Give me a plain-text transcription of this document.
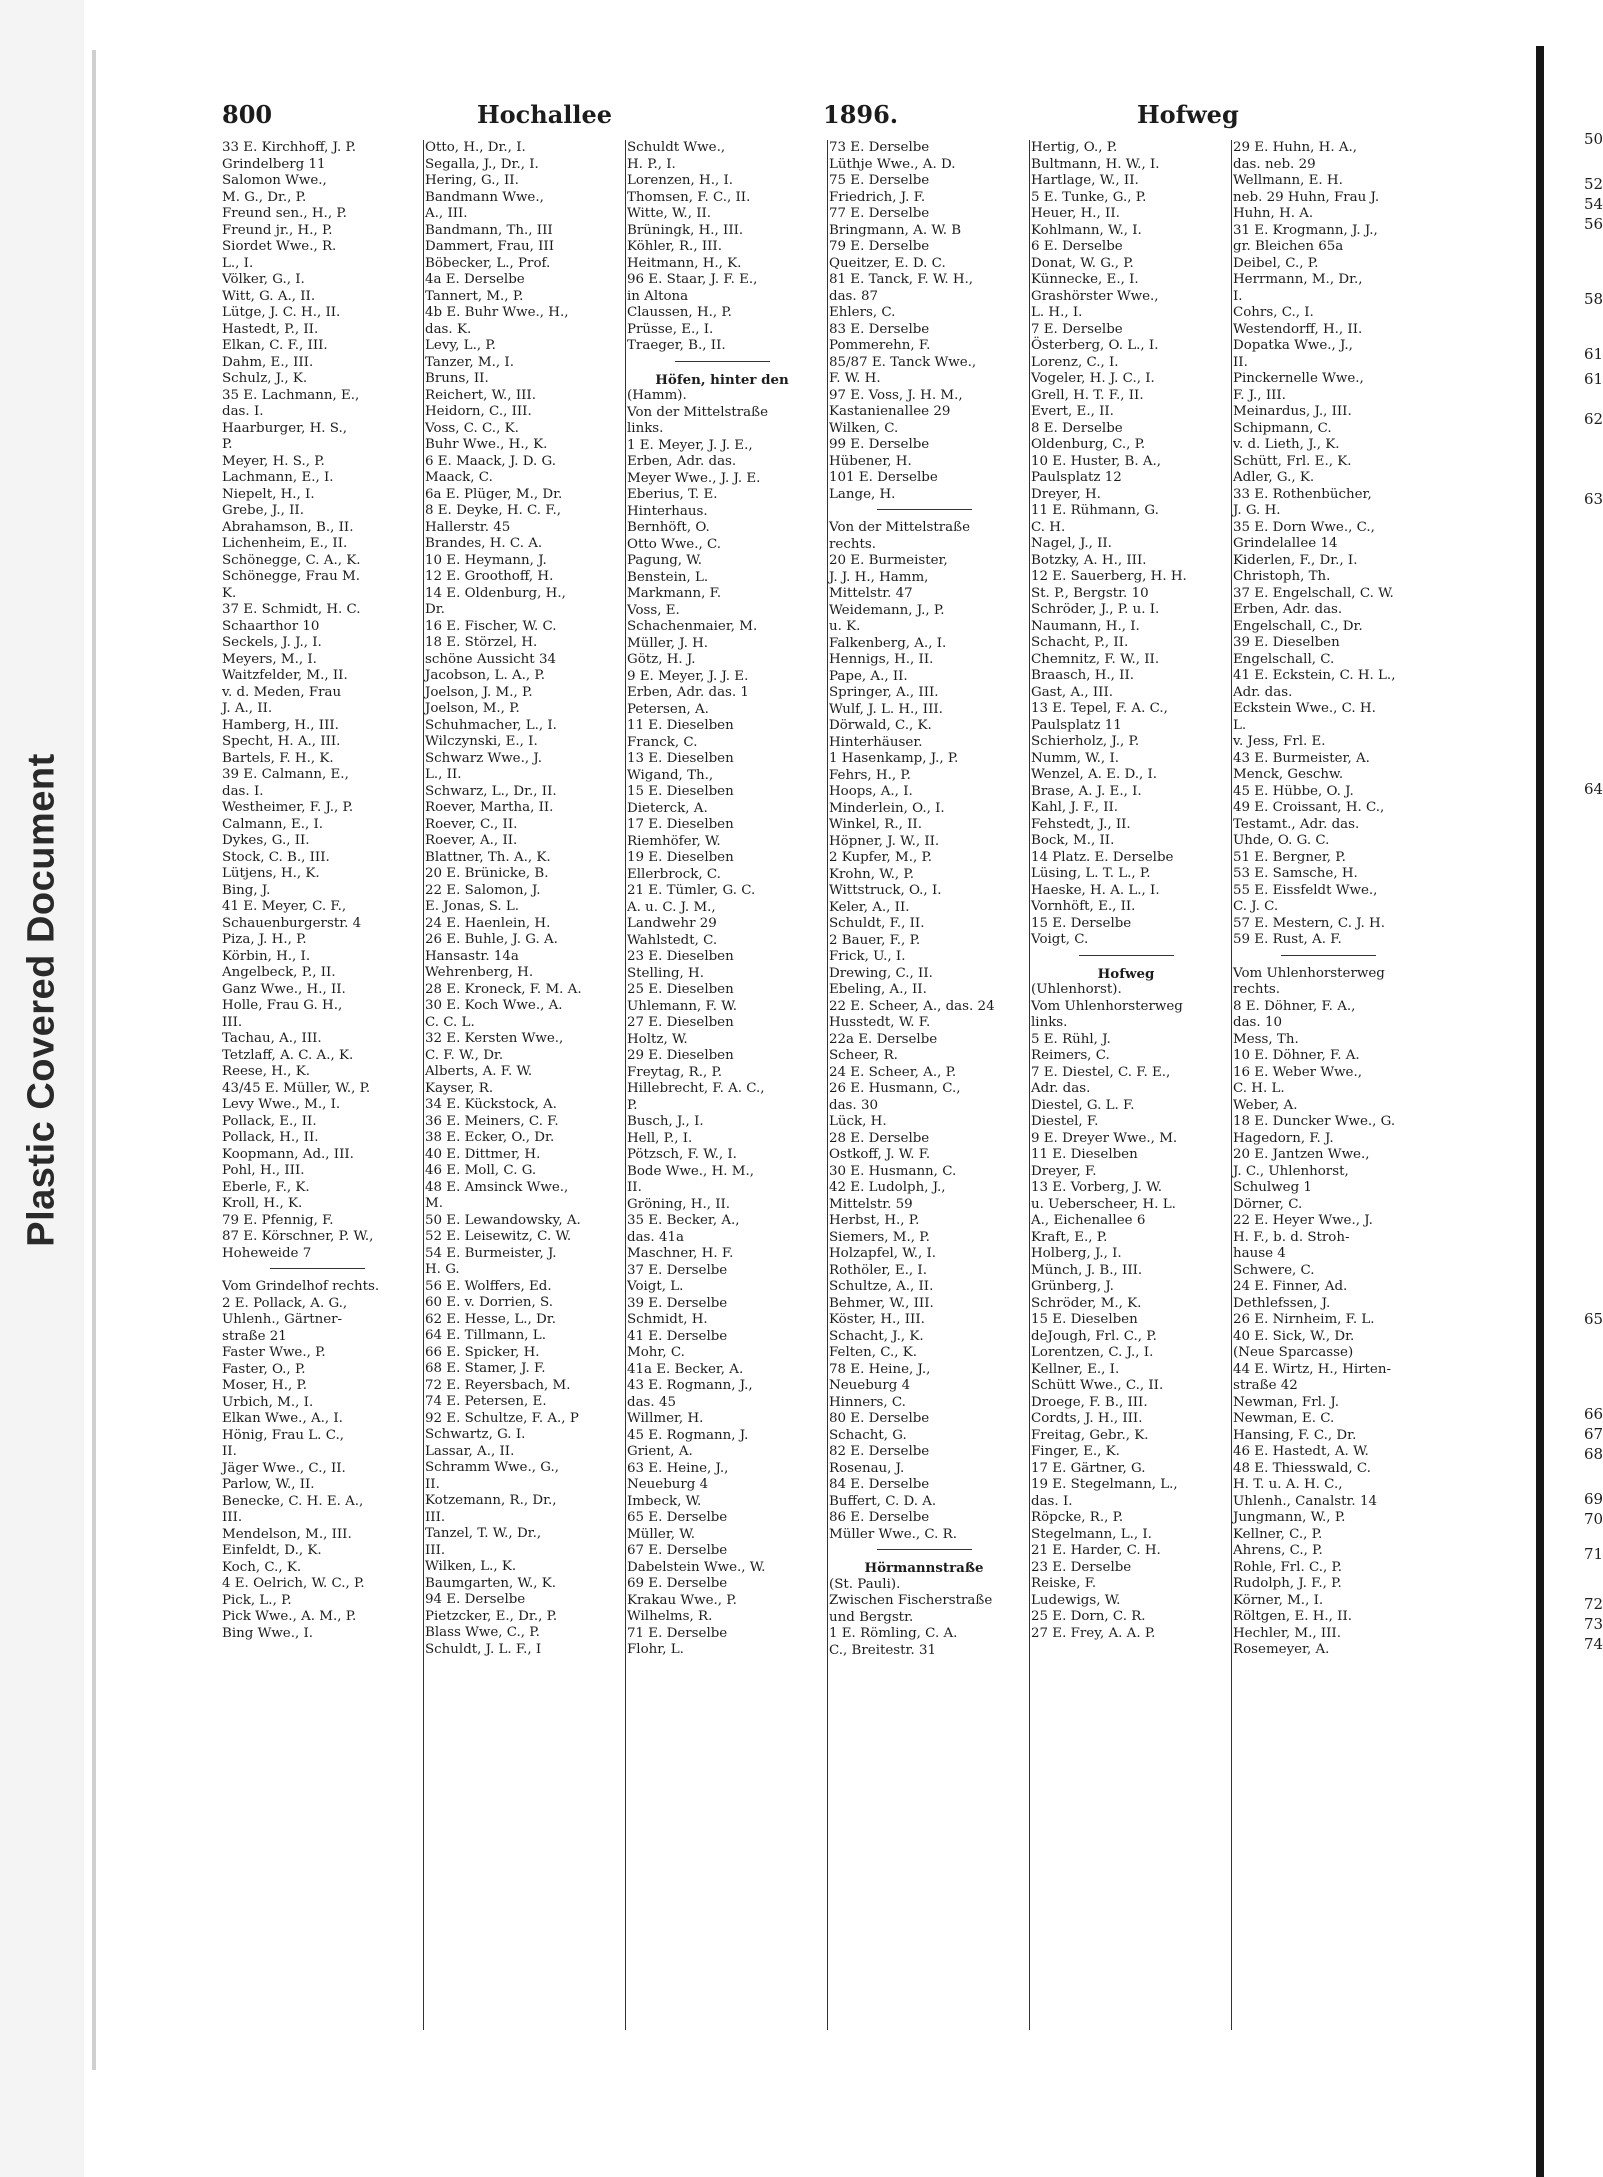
Plastic Covered Document
50
52
54
56
58
61
61
62
63
64
65
66
67
68
69
70
71
72
73
74
800	Hochallee	1896.	Hofweg
33 E. Kirchhoff, J. P.
Grindelberg 11
Salomon Wwe.,
M. G., Dr., P.
Freund sen., H., P.
Freund jr., H., P.
Siordet Wwe., R.
L., I.
Völker, G., I.
Witt, G. A., II.
Lütge, J. C. H., II.
Hastedt, P., II.
Elkan, C. F., III.
Dahm, E., III.
Schulz, J., K.
35 E. Lachmann, E.,
das. I.
Haarburger, H. S.,
P.
Meyer, H. S., P.
Lachmann, E., I.
Niepelt, H., I.
Grebe, J., II.
Abrahamson, B., II.
Lichenheim, E., II.
Schönegge, C. A., K.
Schönegge, Frau M.
K.
37 E. Schmidt, H. C.
Schaarthor 10
Seckels, J. J., I.
Meyers, M., I.
Waitzfelder, M., II.
v. d. Meden, Frau
J. A., II.
Hamberg, H., III.
Specht, H. A., III.
Bartels, F. H., K.
39 E. Calmann, E.,
das. I.
Westheimer, F. J., P.
Calmann, E., I.
Dykes, G., II.
Stock, C. B., III.
Lütjens, H., K.
Bing, J.
41 E. Meyer, C. F.,
Schauenburgerstr. 4
Piza, J. H., P.
Körbin, H., I.
Angelbeck, P., II.
Ganz Wwe., H., II.
Holle, Frau G. H.,
III.
Tachau, A., III.
Tetzlaff, A. C. A., K.
Reese, H., K.
43/45 E. Müller, W., P.
Levy Wwe., M., I.
Pollack, E., II.
Pollack, H., II.
Koopmann, Ad., III.
Pohl, H., III.
Eberle, F., K.
Kroll, H., K.
79 E. Pfennig, F.
87 E. Körschner, P. W.,
Hoheweide 7
Vom Grindelhof rechts.
2 E. Pollack, A. G.,
Uhlenh., Gärtner-
straße 21
Faster Wwe., P.
Faster, O., P.
Moser, H., P.
Urbich, M., I.
Elkan Wwe., A., I.
Hönig, Frau L. C.,
II.
Jäger Wwe., C., II.
Parlow, W., II.
Benecke, C. H. E. A.,
III.
Mendelson, M., III.
Einfeldt, D., K.
Koch, C., K.
4 E. Oelrich, W. C., P.
Pick, L., P.
Pick Wwe., A. M., P.
Bing Wwe., I.
Otto, H., Dr., I.
Segalla, J., Dr., I.
Hering, G., II.
Bandmann Wwe.,
A., III.
Bandmann, Th., III
Dammert, Frau, III
Böbecker, L., Prof.
4a E. Derselbe
Tannert, M., P.
4b E. Buhr Wwe., H.,
das. K.
Levy, L., P.
Tanzer, M., I.
Bruns, II.
Reichert, W., III.
Heidorn, C., III.
Voss, C. C., K.
Buhr Wwe., H., K.
6 E. Maack, J. D. G.
Maack, C.
6a E. Plüger, M., Dr.
8 E. Deyke, H. C. F.,
Hallerstr. 45
Brandes, H. C. A.
10 E. Heymann, J.
12 E. Groothoff, H.
14 E. Oldenburg, H.,
Dr.
16 E. Fischer, W. C.
18 E. Störzel, H.
schöne Aussicht 34
Jacobson, L. A., P.
Joelson, J. M., P.
Joelson, M., P.
Schuhmacher, L., I.
Wilczynski, E., I.
Schwarz Wwe., J.
L., II.
Schwarz, L., Dr., II.
Roever, Martha, II.
Roever, C., II.
Roever, A., II.
Blattner, Th. A., K.
20 E. Brünicke, B.
22 E. Salomon, J.
E. Jonas, S. L.
24 E. Haenlein, H.
26 E. Buhle, J. G. A.
Hansastr. 14a
Wehrenberg, H.
28 E. Kroneck, F. M. A.
30 E. Koch Wwe., A.
C. C. L.
32 E. Kersten Wwe.,
C. F. W., Dr.
Alberts, A. F. W.
Kayser, R.
34 E. Kückstock, A.
36 E. Meiners, C. F.
38 E. Ecker, O., Dr.
40 E. Dittmer, H.
46 E. Moll, C. G.
48 E. Amsinck Wwe.,
M.
50 E. Lewandowsky, A.
52 E. Leisewitz, C. W.
54 E. Burmeister, J.
H. G.
56 E. Wolffers, Ed.
60 E. v. Dorrien, S.
62 E. Hesse, L., Dr.
64 E. Tillmann, L.
66 E. Spicker, H.
68 E. Stamer, J. F.
72 E. Reyersbach, M.
74 E. Petersen, E.
92 E. Schultze, F. A., P
Schwartz, G. I.
Lassar, A., II.
Schramm Wwe., G.,
II.
Kotzemann, R., Dr.,
III.
Tanzel, T. W., Dr.,
III.
Wilken, L., K.
Baumgarten, W., K.
94 E. Derselbe
Pietzcker, E., Dr., P.
Blass Wwe, C., P.
Schuldt, J. L. F., I
Schuldt Wwe.,
H. P., I.
Lorenzen, H., I.
Thomsen, F. C., II.
Witte, W., II.
Brüningk, H., III.
Köhler, R., III.
Heitmann, H., K.
96 E. Staar, J. F. E.,
in Altona
Claussen, H., P.
Prüsse, E., I.
Traeger, B., II.
Höfen, hinter den
(Hamm).
Von der Mittelstraße
links.
1 E. Meyer, J. J. E.,
Erben, Adr. das.
Meyer Wwe., J. J. E.
Eberius, T. E.
Hinterhaus.
Bernhöft, O.
Otto Wwe., C.
Pagung, W.
Benstein, L.
Markmann, F.
Voss, E.
Schachenmaier, M.
Müller, J. H.
Götz, H. J.
9 E. Meyer, J. J. E.
Erben, Adr. das. 1
Petersen, A.
11 E. Dieselben
Franck, C.
13 E. Dieselben
Wigand, Th.,
15 E. Dieselben
Dieterck, A.
17 E. Dieselben
Riemhöfer, W.
19 E. Dieselben
Ellerbrock, C.
21 E. Tümler, G. C.
A. u. C. J. M.,
Landwehr 29
Wahlstedt, C.
23 E. Dieselben
Stelling, H.
25 E. Dieselben
Uhlemann, F. W.
27 E. Dieselben
Holtz, W.
29 E. Dieselben
Freytag, R., P.
Hillebrecht, F. A. C.,
P.
Busch, J., I.
Hell, P., I.
Pötzsch, F. W., I.
Bode Wwe., H. M.,
II.
Gröning, H., II.
35 E. Becker, A.,
das. 41a
Maschner, H. F.
37 E. Derselbe
Voigt, L.
39 E. Derselbe
Schmidt, H.
41 E. Derselbe
Mohr, C.
41a E. Becker, A.
43 E. Rogmann, J.,
das. 45
Willmer, H.
45 E. Rogmann, J.
Grient, A.
63 E. Heine, J.,
Neueburg 4
Imbeck, W.
65 E. Derselbe
Müller, W.
67 E. Derselbe
Dabelstein Wwe., W.
69 E. Derselbe
Krakau Wwe., P.
Wilhelms, R.
71 E. Derselbe
Flohr, L.
73 E. Derselbe
Lüthje Wwe., A. D.
75 E. Derselbe
Friedrich, J. F.
77 E. Derselbe
Bringmann, A. W. B
79 E. Derselbe
Queitzer, E. D. C.
81 E. Tanck, F. W. H.,
das. 87
Ehlers, C.
83 E. Derselbe
Pommerehn, F.
85/87 E. Tanck Wwe.,
F. W. H.
97 E. Voss, J. H. M.,
Kastanienallee 29
Wilken, C.
99 E. Derselbe
Hübener, H.
101 E. Derselbe
Lange, H.
Von der Mittelstraße
rechts.
20 E. Burmeister,
J. J. H., Hamm,
Mittelstr. 47
Weidemann, J., P.
u. K.
Falkenberg, A., I.
Hennigs, H., II.
Pape, A., II.
Springer, A., III.
Wulf, J. L. H., III.
Dörwald, C., K.
Hinterhäuser.
1 Hasenkamp, J., P.
Fehrs, H., P.
Hoops, A., I.
Minderlein, O., I.
Winkel, R., II.
Höpner, J. W., II.
2 Kupfer, M., P.
Krohn, W., P.
Wittstruck, O., I.
Keler, A., II.
Schuldt, F., II.
2 Bauer, F., P.
Frick, U., I.
Drewing, C., II.
Ebeling, A., II.
22 E. Scheer, A., das. 24
Husstedt, W. F.
22a E. Derselbe
Scheer, R.
24 E. Scheer, A., P.
26 E. Husmann, C.,
das. 30
Lück, H.
28 E. Derselbe
Ostkoff, J. W. F.
30 E. Husmann, C.
42 E. Ludolph, J.,
Mittelstr. 59
Herbst, H., P.
Siemers, M., P.
Holzapfel, W., I.
Rothöler, E., I.
Schultze, A., II.
Behmer, W., III.
Köster, H., III.
Schacht, J., K.
Felten, C., K.
78 E. Heine, J.,
Neueburg 4
Hinners, C.
80 E. Derselbe
Schacht, G.
82 E. Derselbe
Rosenau, J.
84 E. Derselbe
Buffert, C. D. A.
86 E. Derselbe
Müller Wwe., C. R.
Hörmannstraße
(St. Pauli).
Zwischen Fischerstraße
und Bergstr.
1 E. Römling, C. A.
C., Breitestr. 31
Hertig, O., P.
Bultmann, H. W., I.
Hartlage, W., II.
5 E. Tunke, G., P.
Heuer, H., II.
Kohlmann, W., I.
6 E. Derselbe
Donat, W. G., P.
Künnecke, E., I.
Grashörster Wwe.,
L. H., I.
7 E. Derselbe
Österberg, O. L., I.
Lorenz, C., I.
Vogeler, H. J. C., I.
Grell, H. T. F., II.
Evert, E., II.
8 E. Derselbe
Oldenburg, C., P.
10 E. Huster, B. A.,
Paulsplatz 12
Dreyer, H.
11 E. Rühmann, G.
C. H.
Nagel, J., II.
Botzky, A. H., III.
12 E. Sauerberg, H. H.
St. P., Bergstr. 10
Schröder, J., P. u. I.
Naumann, H., I.
Schacht, P., II.
Chemnitz, F. W., II.
Braasch, H., II.
Gast, A., III.
13 E. Tepel, F. A. C.,
Paulsplatz 11
Schierholz, J., P.
Numm, W., I.
Wenzel, A. E. D., I.
Brase, A. J. E., I.
Kahl, J. F., II.
Fehstedt, J., II.
Bock, M., II.
14 Platz. E. Derselbe
Lüsing, L. T. L., P.
Haeske, H. A. L., I.
Vornhöft, E., II.
15 E. Derselbe
Voigt, C.
Hofweg
(Uhlenhorst).
Vom Uhlenhorsterweg
links.
5 E. Rühl, J.
Reimers, C.
7 E. Diestel, C. F. E.,
Adr. das.
Diestel, G. L. F.
Diestel, F.
9 E. Dreyer Wwe., M.
11 E. Dieselben
Dreyer, F.
13 E. Vorberg, J. W.
u. Ueberscheer, H. L.
A., Eichenallee 6
Kraft, E., P.
Holberg, J., I.
Münch, J. B., III.
Grünberg, J.
Schröder, M., K.
15 E. Dieselben
deJough, Frl. C., P.
Lorentzen, C. J., I.
Kellner, E., I.
Schütt Wwe., C., II.
Droege, F. B., III.
Cordts, J. H., III.
Freitag, Gebr., K.
Finger, E., K.
17 E. Gärtner, G.
19 E. Stegelmann, L.,
das. I.
Röpcke, R., P.
Stegelmann, L., I.
21 E. Harder, C. H.
23 E. Derselbe
Reiske, F.
Ludewigs, W.
25 E. Dorn, C. R.
27 E. Frey, A. A. P.
29 E. Huhn, H. A.,
das. neb. 29
Wellmann, E. H.
neb. 29 Huhn, Frau J.
Huhn, H. A.
31 E. Krogmann, J. J.,
gr. Bleichen 65a
Deibel, C., P.
Herrmann, M., Dr.,
I.
Cohrs, C., I.
Westendorff, H., II.
Dopatka Wwe., J.,
II.
Pinckernelle Wwe.,
F. J., III.
Meinardus, J., III.
Schipmann, C.
v. d. Lieth, J., K.
Schütt, Frl. E., K.
Adler, G., K.
33 E. Rothenbücher,
J. G. H.
35 E. Dorn Wwe., C.,
Grindelallee 14
Kiderlen, F., Dr., I.
Christoph, Th.
37 E. Engelschall, C. W.
Erben, Adr. das.
Engelschall, C., Dr.
39 E. Dieselben
Engelschall, C.
41 E. Eckstein, C. H. L.,
Adr. das.
Eckstein Wwe., C. H.
L.
v. Jess, Frl. E.
43 E. Burmeister, A.
Menck, Geschw.
45 E. Hübbe, O. J.
49 E. Croissant, H. C.,
Testamt., Adr. das.
Uhde, O. G. C.
51 E. Bergner, P.
53 E. Samsche, H.
55 E. Eissfeldt Wwe.,
C. J. C.
57 E. Mestern, C. J. H.
59 E. Rust, A. F.
Vom Uhlenhorsterweg
rechts.
8 E. Döhner, F. A.,
das. 10
Mess, Th.
10 E. Döhner, F. A.
16 E. Weber Wwe.,
C. H. L.
Weber, A.
18 E. Duncker Wwe., G.
Hagedorn, F. J.
20 E. Jantzen Wwe.,
J. C., Uhlenhorst,
Schulweg 1
Dörner, C.
22 E. Heyer Wwe., J.
H. F., b. d. Stroh-
hause 4
Schwere, C.
24 E. Finner, Ad.
Dethlefssen, J.
26 E. Nirnheim, F. L.
40 E. Sick, W., Dr.
(Neue Sparcasse)
44 E. Wirtz, H., Hirten-
straße 42
Newman, Frl. J.
Newman, E. C.
Hansing, F. C., Dr.
46 E. Hastedt, A. W.
48 E. Thiesswald, C.
H. T. u. A. H. C.,
Uhlenh., Canalstr. 14
Jungmann, W., P.
Kellner, C., P.
Ahrens, C., P.
Rohle, Frl. C., P.
Rudolph, J. F., P.
Körner, M., I.
Röltgen, E. H., II.
Hechler, M., III.
Rosemeyer, A.
